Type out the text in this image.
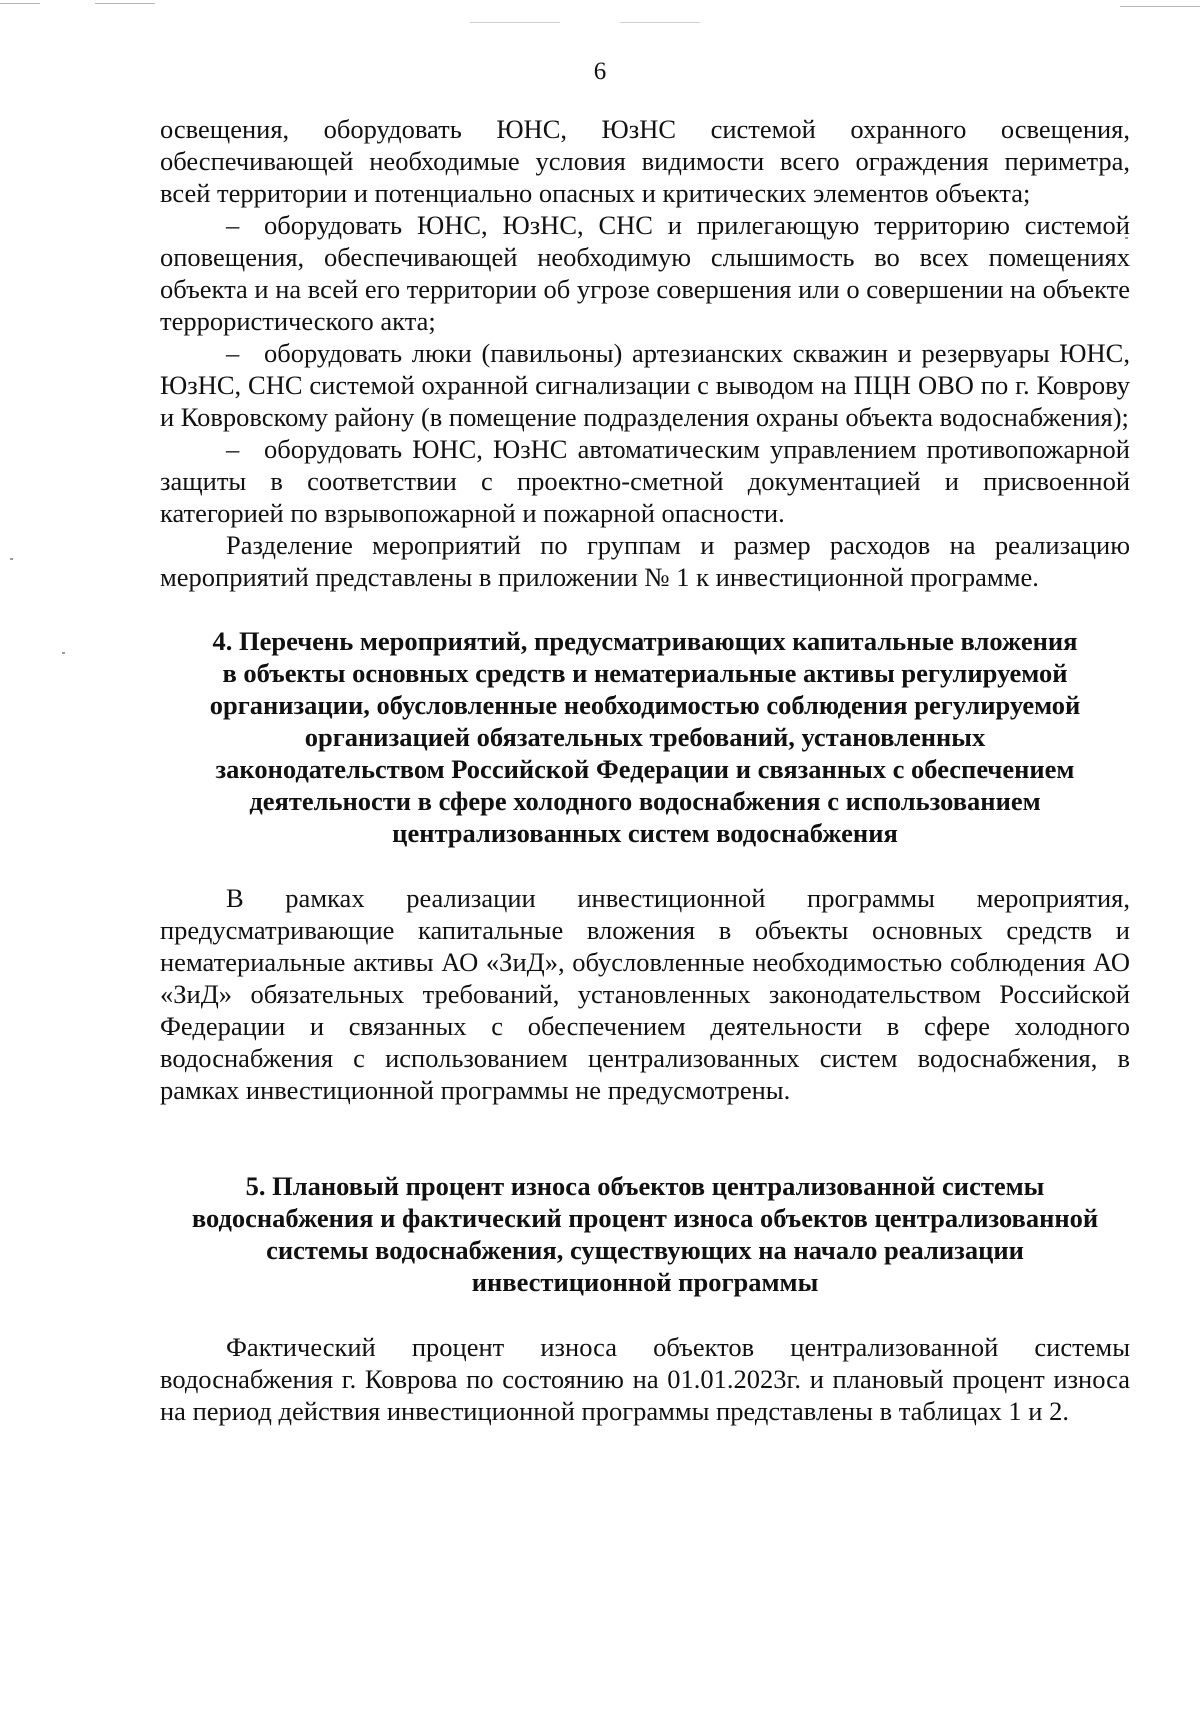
6

освещения, оборудовать ЮНС, ЮзНС системой охранного освещения, обеспечивающей необходимые условия видимости всего ограждения периметра, всей территории и потенциально опасных и критических элементов объекта;

– оборудовать ЮНС, ЮзНС, СНС и прилегающую территорию системой оповещения, обеспечивающей необходимую слышимость во всех помещениях объекта и на всей его территории об угрозе совершения или о совершении на объекте террористического акта;

– оборудовать люки (павильоны) артезианских скважин и резервуары ЮНС, ЮзНС, СНС системой охранной сигнализации с выводом на ПЦН ОВО по г. Коврову и Ковровскому району (в помещение подразделения охраны объекта водоснабжения);

– оборудовать ЮНС, ЮзНС автоматическим управлением противопожарной защиты в соответствии с проектно-сметной документацией и присвоенной категорией по взрывопожарной и пожарной опасности.

Разделение мероприятий по группам и размер расходов на реализацию мероприятий представлены в приложении № 1 к инвестиционной программе.

4. Перечень мероприятий, предусматривающих капитальные вложения
в объекты основных средств и нематериальные активы регулируемой
организации, обусловленные необходимостью соблюдения регулируемой
организацией обязательных требований, установленных
законодательством Российской Федерации и связанных с обеспечением
деятельности в сфере холодного водоснабжения с использованием
централизованных систем водоснабжения

В рамках реализации инвестиционной программы мероприятия, предусматривающие капитальные вложения в объекты основных средств и нематериальные активы АО «ЗиД», обусловленные необходимостью соблюдения АО «ЗиД» обязательных требований, установленных законодательством Российской Федерации и связанных с обеспечением деятельности в сфере холодного водоснабжения с использованием централизованных систем водоснабжения, в рамках инвестиционной программы не предусмотрены.

5. Плановый процент износа объектов централизованной системы
водоснабжения и фактический процент износа объектов централизованной
системы водоснабжения, существующих на начало реализации
инвестиционной программы

Фактический процент износа объектов централизованной системы водоснабжения г. Коврова по состоянию на 01.01.2023г. и плановый процент износа на период действия инвестиционной программы представлены в таблицах 1 и 2.
